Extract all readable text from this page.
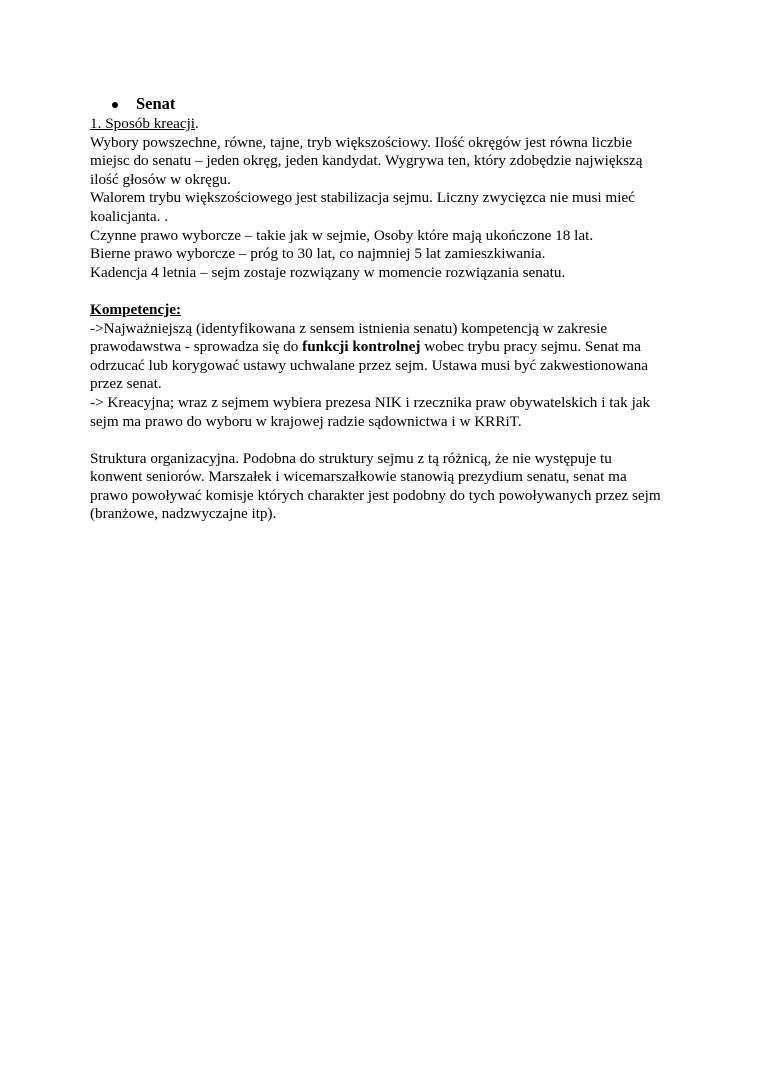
Senat
1. Sposób kreacji.
Wybory powszechne, równe, tajne, tryb większościowy. Ilość okręgów jest równa liczbie
miejsc do senatu – jeden okręg, jeden kandydat. Wygrywa ten, który zdobędzie największą
ilość głosów w okręgu.
Walorem trybu większościowego jest stabilizacja sejmu. Liczny zwycięzca nie musi mieć
koalicjanta. .
Czynne prawo wyborcze – takie jak w sejmie, Osoby które mają ukończone 18 lat.
Bierne prawo wyborcze – próg to 30 lat, co najmniej 5 lat zamieszkiwania.
Kadencja 4 letnia – sejm zostaje rozwiązany w momencie rozwiązania senatu.
Kompetencje:
->Najważniejszą (identyfikowana z sensem istnienia senatu) kompetencją w zakresie
prawodawstwa - sprowadza się do funkcji kontrolnej wobec trybu pracy sejmu. Senat ma
odrzucać lub korygować ustawy uchwalane przez sejm. Ustawa musi być zakwestionowana
przez senat.
-> Kreacyjna; wraz z sejmem wybiera prezesa NIK i rzecznika praw obywatelskich i tak jak
sejm ma prawo do wyboru w krajowej radzie sądownictwa i w KRRiT.
Struktura organizacyjna. Podobna do struktury sejmu z tą różnicą, że nie występuje tu
konwent seniorów. Marszałek i wicemarszałkowie stanowią prezydium senatu, senat ma
prawo powoływać komisje których charakter jest podobny do tych powoływanych przez sejm
(branżowe, nadzwyczajne itp).
